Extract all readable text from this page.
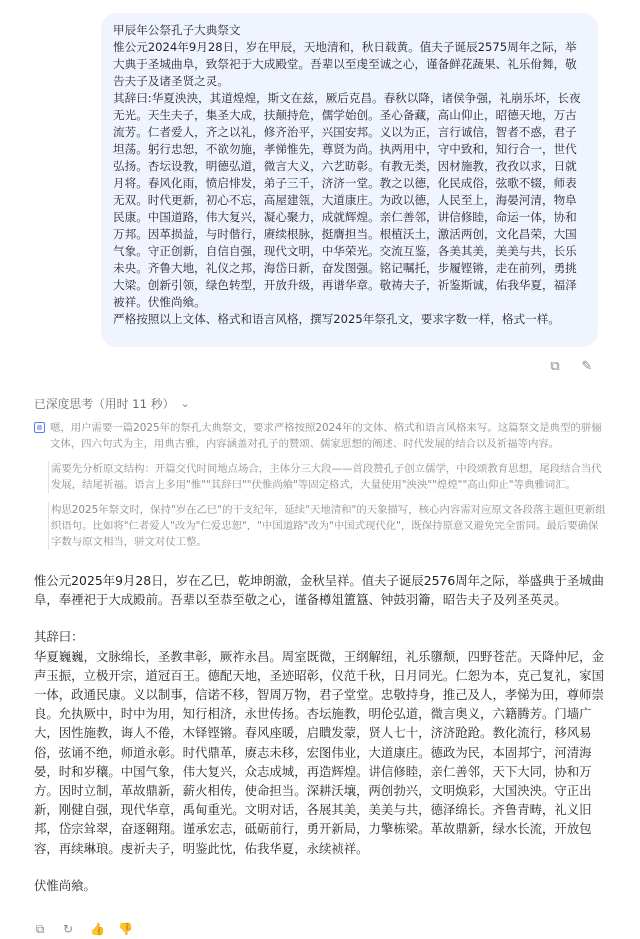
甲辰年公祭孔子大典祭文

惟公元2024年9月28日，岁在甲辰，天地清和，秋日载黄。值夫子诞辰2575周年之际，举大典于圣城曲阜，致祭祀于大成殿堂。吾辈以至虔至诚之心，谨备鲜花蔬果、礼乐佾舞，敬告夫子及诸圣贤之灵。

其辞曰:华夏泱泱，其道煌煌，斯文在兹，厥后克昌。春秋以降，诸侯争强，礼崩乐坏，长夜无光。天生夫子，集圣大成，扶颠持危，儒学始创。圣心备藏，高山仰止，昭德天地，万古流芳。仁者爱人，齐之以礼，修齐治平，兴国安邦。义以为正，言行诚信，智者不惑，君子坦荡。躬行忠恕，不欲勿施，孝悌惟先，尊贤为尚。执两用中，守中致和，知行合一，世代弘扬。杏坛设教，明德弘道，微言大义，六艺昉彰。有教无类，因材施教，孜孜以求，日就月将。春风化雨，愤启悱发，弟子三千，济济一堂。教之以德，化民成俗，弦歌不辍，师表无双。时代更新，初心不忘，高屋建瓴，大道康庄。为政以德，人民至上，海晏河清，物阜民康。中国道路，伟大复兴，凝心聚力，成就辉煌。亲仁善邻，讲信修睦，命运一体，协和万邦。因革损益，与时偕行，赓续根脉，挺膺担当。根植沃土，激活两创，文化昌荣，大国气象。守正创新，自信自强，现代文明，中华荣光。交流互鉴，各美其美，美美与共，长乐未央。齐鲁大地，礼仪之邦，海岱日新，奋发图强。铭记嘱托，步履铿锵，走在前列，勇挑大梁。创新引领，绿色转型，开放升级，再谱华章。敬祷夫子，祈鉴斯诚，佑我华夏，福泽被祥。伏惟尚飨。

严格按照以上文体、格式和语言风格，撰写2025年祭孔文，要求字数一样，格式一样。

⧉ ✎
已深度思考（用时 11 秒） ⌄
⊗ 嗯，用户需要一篇2025年的祭孔大典祭文，要求严格按照2024年的文体、格式和语言风格来写。这篇祭文是典型的骈俪文体，四六句式为主，用典古雅，内容涵盖对孔子的赞颂、儒家思想的阐述、时代发展的结合以及祈福等内容。

需要先分析原文结构：开篇交代时间地点场合，主体分三大段——首段赞孔子创立儒学，中段颂教育思想，尾段结合当代发展，结尾祈福。语言上多用"惟""其辞曰""伏惟尚飨"等固定格式，大量使用"泱泱""煌煌""高山仰止"等典雅词汇。

构思2025年祭文时，保持"岁在乙巳"的干支纪年，延续"天地清和"的天象描写，核心内容需对应原文各段落主题但更新组织语句。比如将"仁者爱人"改为"仁爱忠恕"，"中国道路"改为"中国式现代化"，既保持原意又避免完全雷同。最后要确保字数与原文相当，骈文对仗工整。

惟公元2025年9月28日，岁在乙巳，乾坤朗澈，金秋呈祥。值夫子诞辰2576周年之际，举盛典于圣城曲阜，奉禋祀于大成殿前。吾辈以至恭至敬之心，谨备樽俎簠簋、钟鼓羽籥，昭告夫子及列圣英灵。

其辞曰：

华夏巍巍，文脉绵长，圣教聿彰，厥祚永昌。周室既微，王纲解纽，礼乐隳颓，四野苍茫。天降仲尼，金声玉振，立极开宗，道冠百王。德配天地，圣迹昭彰，仪范千秋，日月同光。仁恕为本，克己复礼，家国一体，政通民康。义以制事，信诺不移，智周万物，君子堂堂。忠敬持身，推己及人，孝悌为田，尊师崇良。允执厥中，时中为用，知行相济，永世传扬。杏坛施教，明伦弘道，微言奥义，六籍腾芳。门墙广大，因性施教，诲人不倦，木铎铿锵。春风座暖，启瞶发蒙，贤人七十，济济跄跄。教化流行，移风易俗，弦诵不绝，师道永彰。时代鼎革，赓志未移，宏图伟业，大道康庄。德政为民，本固邦宁，河清海晏，时和岁穰。中国气象，伟大复兴，众志成城，再造辉煌。讲信修睦，亲仁善邻，天下大同，协和万方。因时立制，革故鼎新，薪火相传，使命担当。深耕沃壤，两创勃兴，文明焕彩，大国泱泱。守正出新，刚健自强，现代华章，禹甸重光。文明对话，各展其美，美美与共，德泽绵长。齐鲁青畴，礼义旧邦，岱宗耸翠，奋逐翱翔。谨承宏志，砥砺前行，勇开新局，力擎栋梁。革故鼎新，绿水长流，开放包容，再续琳琅。虔祈夫子，明鉴此忱，佑我华夏，永续祯祥。

伏惟尚飨。

⧉ ↻ 👍 👎
